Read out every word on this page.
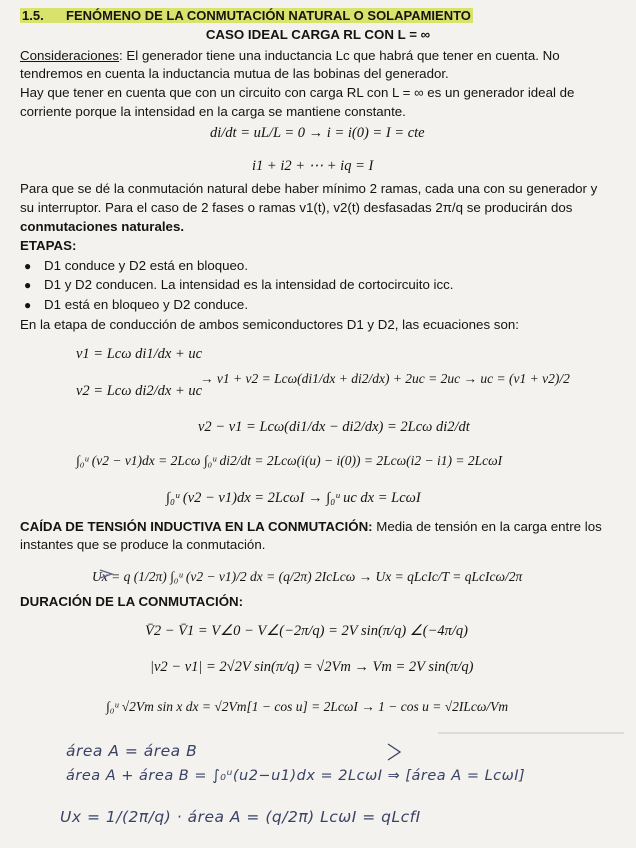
1.5. FENÓMENO DE LA CONMUTACIÓN NATURAL O SOLAPAMIENTO
CASO IDEAL CARGA RL CON L = ∞
Consideraciones: El generador tiene una inductancia Lc que habrá que tener en cuenta. No
tendremos en cuenta la inductancia mutua de las bobinas del generador.
Hay que tener en cuenta que con un circuito con carga RL con L = ∞ es un generador ideal de
corriente porque la intensidad en la carga se mantiene constante.
di/dt = uL/L = 0 → i = i(0) = I = cte
i1 + i2 + ⋯ + iq = I
Para que se dé la conmutación natural debe haber mínimo 2 ramas, cada una con su generador y
su interruptor. Para el caso de 2 fases o ramas v1(t), v2(t) desfasadas 2π/q se producirán dos
conmutaciones naturales.
ETAPAS:
● D1 conduce y D2 está en bloqueo.
● D1 y D2 conducen. La intensidad es la intensidad de cortocircuito icc.
● D1 está en bloqueo y D2 conduce.
En la etapa de conducción de ambos semiconductores D1 y D2, las ecuaciones son:
v1 = Lcω di1/dx + uc
→ v1 + v2 = Lcω(di1/dx + di2/dx) + 2uc = 2uc → uc = (v1 + v2)/2
v2 = Lcω di2/dx + uc
v2 − v1 = Lcω(di1/dx − di2/dx) = 2Lcω di2/dt
∫₀ᵘ (v2 − v1)dx = 2Lcω ∫₀ᵘ di2/dt = 2Lcω(i(u) − i(0)) = 2Lcω(i2 − i1) = 2LcωI
∫₀ᵘ (v2 − v1)dx = 2LcωI → ∫₀ᵘ uc dx = LcωI
CAÍDA DE TENSIÓN INDUCTIVA EN LA CONMUTACIÓN: Media de tensión en la carga entre los
instantes que se produce la conmutación.
Ux = q (1/2π) ∫₀ᵘ (v2 − v1)/2 dx = (q/2π) 2IcLcω → Ux = qLcIc/T = qLcIcω/2π
DURACIÓN DE LA CONMUTACIÓN:
V̄2 − V̄1 = V∠0 − V∠(−2π/q) = 2V sin(π/q) ∠(−4π/q)
|v2 − v1| = 2√2V sin(π/q) = √2Vm → Vm = 2V sin(π/q)
∫₀ᵘ √2Vm sin x dx = √2Vm[1 − cos u] = 2LcωI → 1 − cos u = √2ILcω/Vm
área A = área B
área A + área B = ∫₀ᵘ(u2−u1)dx = 2LcωI ⇒ [área A = LcωI]
Ux = 1/(2π/q) · área A = (q/2π) LcωI = qLcfI
